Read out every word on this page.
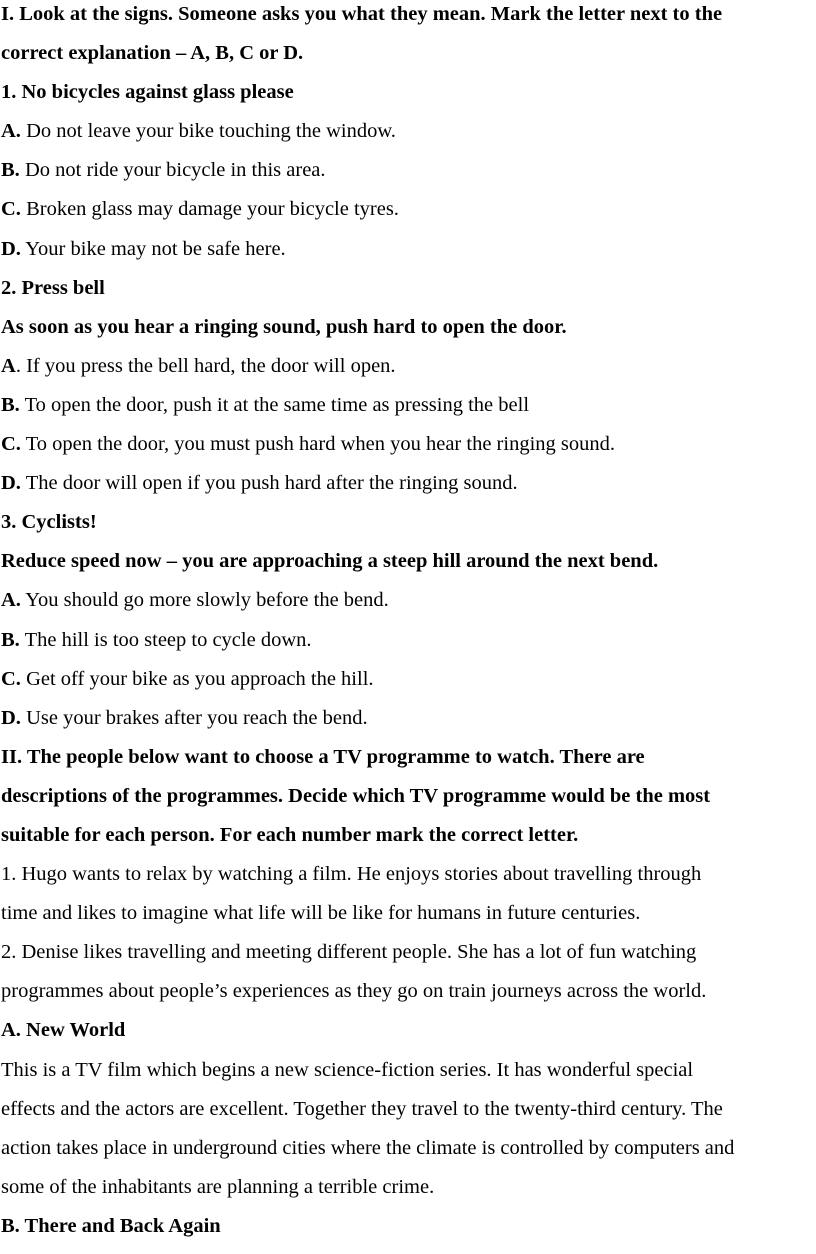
I. Look at the signs. Someone asks you what they mean. Mark the letter next to the

correct explanation – A, B, C or D.

1. No bicycles against glass please

A. Do not leave your bike touching the window.

B. Do not ride your bicycle in this area.

C. Broken glass may damage your bicycle tyres.

D. Your bike may not be safe here.

2. Press bell

As soon as you hear a ringing sound, push hard to open the door.

A. If you press the bell hard, the door will open.

B. To open the door, push it at the same time as pressing the bell

C. To open the door, you must push hard when you hear the ringing sound.

D. The door will open if you push hard after the ringing sound.

3. Cyclists!

Reduce speed now – you are approaching a steep hill around the next bend.

A. You should go more slowly before the bend.

B. The hill is too steep to cycle down.

C. Get off your bike as you approach the hill.

D. Use your brakes after you reach the bend.

II. The people below want to choose a TV programme to watch. There are

descriptions of the programmes. Decide which TV programme would be the most

suitable for each person. For each number mark the correct letter.

1. Hugo wants to relax by watching a film. He enjoys stories about travelling through

time and likes to imagine what life will be like for humans in future centuries.

2. Denise likes travelling and meeting different people. She has a lot of fun watching

programmes about people’s experiences as they go on train journeys across the world.

A. New World

This is a TV film which begins a new science-fiction series. It has wonderful special

effects and the actors are excellent. Together they travel to the twenty-third century. The

action takes place in underground cities where the climate is controlled by computers and

some of the inhabitants are planning a terrible crime.

B. There and Back Again
